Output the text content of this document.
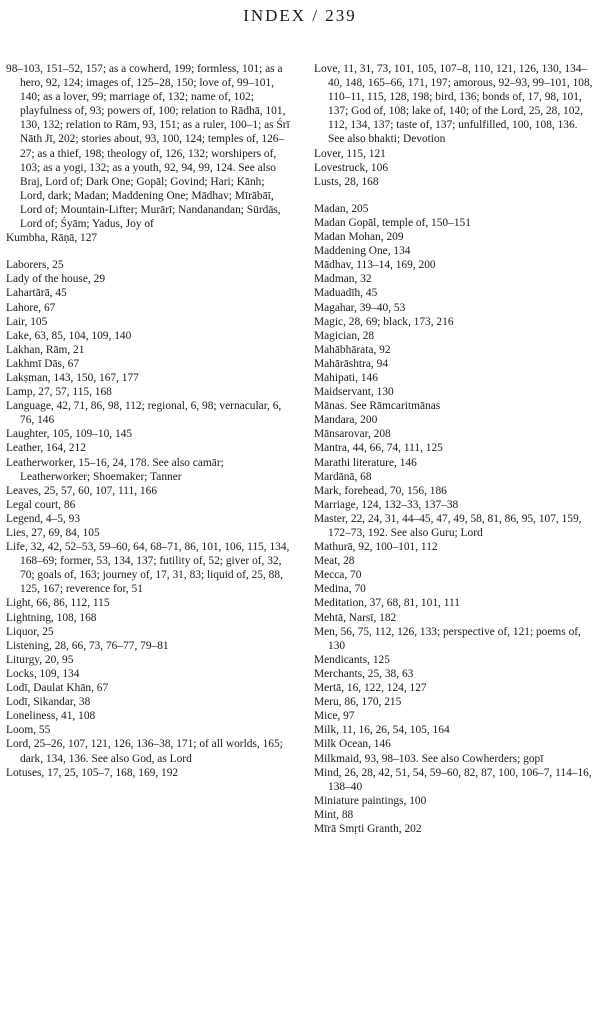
INDEX / 239
98–103, 151–52, 157; as a cowherd, 199; formless, 101; as a hero, 92, 124; images of, 125–28, 150; love of, 99–101, 140; as a lover, 99; marriage of, 132; name of, 102; playfulness of, 93; powers of, 100; relation to Rādhā, 101, 130, 132; relation to Rām, 93, 151; as a ruler, 100–1; as Śrī Nāth Jī, 202; stories about, 93, 100, 124; temples of, 126–27; as a thief, 198; theology of, 126, 132; worshipers of, 103; as a yogi, 132; as a youth, 92, 94, 99, 124. See also Braj, Lord of; Dark One; Gopāl; Govind; Hari; Kānh; Lord, dark; Madan; Maddening One; Mādhav; Mīrābāī, Lord of; Mountain-Lifter; Murārī; Nandanandan; Sūrdās, Lord of; Śyām; Yadus, Joy of
Kumbha, Rāṇā, 127
Laborers, 25
Lady of the house, 29
Lahartārā, 45
Lahore, 67
Lair, 105
Lake, 63, 85, 104, 109, 140
Lakhan, Rām, 21
Lakhmī Dās, 67
Lakṣman, 143, 150, 167, 177
Lamp, 27, 57, 115, 168
Language, 42, 71, 86, 98, 112; regional, 6, 98; vernacular, 6, 76, 146
Laughter, 105, 109–10, 145
Leather, 164, 212
Leatherworker, 15–16, 24, 178. See also camār; Leatherworker; Shoemaker; Tanner
Leaves, 25, 57, 60, 107, 111, 166
Legal court, 86
Legend, 4–5, 93
Lies, 27, 69, 84, 105
Life, 32, 42, 52–53, 59–60, 64, 68–71, 86, 101, 106, 115, 134, 168–69; former, 53, 134, 137; futility of, 52; giver of, 32, 70; goals of, 163; journey of, 17, 31, 83; liquid of, 25, 88, 125, 167; reverence for, 51
Light, 66, 86, 112, 115
Lightning, 108, 168
Liquor, 25
Listening, 28, 66, 73, 76–77, 79–81
Liturgy, 20, 95
Locks, 109, 134
Lodī, Daulat Khān, 67
Lodī, Sikandar, 38
Loneliness, 41, 108
Loom, 55
Lord, 25–26, 107, 121, 126, 136–38, 171; of all worlds, 165; dark, 134, 136. See also God, as Lord
Lotuses, 17, 25, 105–7, 168, 169, 192
Love, 11, 31, 73, 101, 105, 107–8, 110, 121, 126, 130, 134–40, 148, 165–66, 171, 197; amorous, 92–93, 99–101, 108, 110–11, 115, 128, 198; bird, 136; bonds of, 17, 98, 101, 137; God of, 108; lake of, 140; of the Lord, 25, 28, 102, 112, 134, 137; taste of, 137; unfulfilled, 100, 108, 136. See also bhakti; Devotion
Lover, 115, 121
Lovestruck, 106
Lusts, 28, 168
Madan, 205
Madan Gopāl, temple of, 150–151
Madan Mohan, 209
Maddening One, 134
Mādhav, 113–14, 169, 200
Madman, 32
Maduadīh, 45
Magahar, 39–40, 53
Magic, 28, 69; black, 173, 216
Magician, 28
Mahābhārata, 92
Mahārāshtra, 94
Mahipati, 146
Maidservant, 130
Mānas. See Rāmcaritmānas
Mandara, 200
Mānsarovar, 208
Mantra, 44, 66, 74, 111, 125
Marathi literature, 146
Mardānā, 68
Mark, forehead, 70, 156, 186
Marriage, 124, 132–33, 137–38
Master, 22, 24, 31, 44–45, 47, 49, 58, 81, 86, 95, 107, 159, 172–73, 192. See also Guru; Lord
Mathurā, 92, 100–101, 112
Meat, 28
Mecca, 70
Medina, 70
Meditation, 37, 68, 81, 101, 111
Mehtā, Narsī, 182
Men, 56, 75, 112, 126, 133; perspective of, 121; poems of, 130
Mendicants, 125
Merchants, 25, 38, 63
Mertā, 16, 122, 124, 127
Meru, 86, 170, 215
Mice, 97
Milk, 11, 16, 26, 54, 105, 164
Milk Ocean, 146
Milkmaid, 93, 98–103. See also Cowherders; gopī
Mind, 26, 28, 42, 51, 54, 59–60, 82, 87, 100, 106–7, 114–16, 138–40
Miniature paintings, 100
Mint, 88
Mīrā Smṛti Granth, 202
